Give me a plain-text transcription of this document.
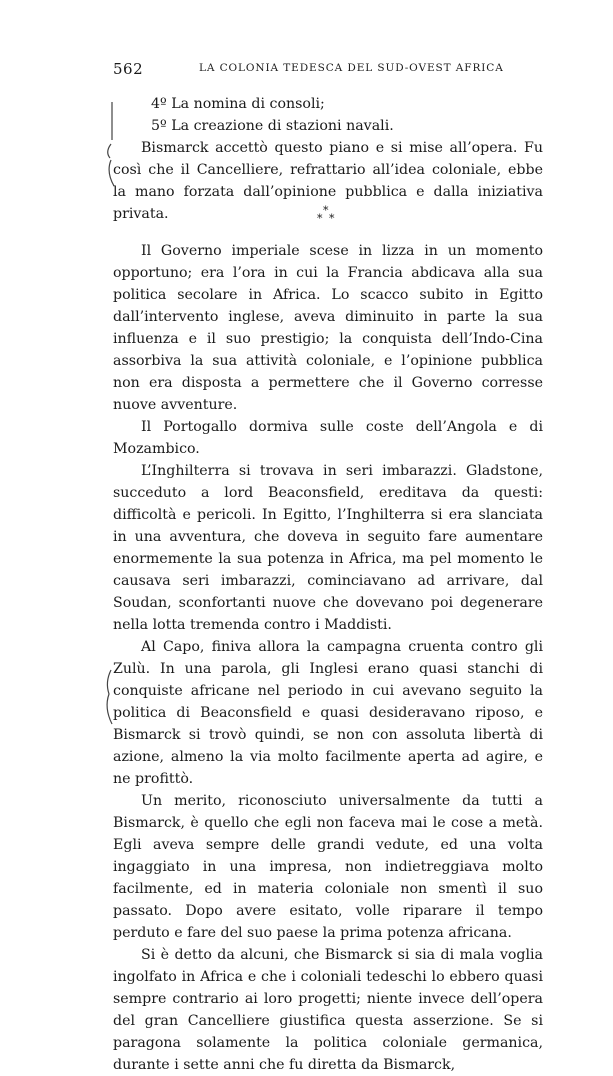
562	LA COLONIA TEDESCA DEL SUD-OVEST AFRICA

4º La nomina di consoli;

5º La creazione di stazioni navali.

Bismarck accettò questo piano e si mise all’opera. Fu così che il Cancelliere, refrattario all’idea coloniale, ebbe la mano forzata dall’opinione pubblica e dalla iniziativa privata.	*
* *

Il Governo imperiale scese in lizza in un momento opportuno; era l’ora in cui la Francia abdicava alla sua politica secolare in Africa. Lo scacco subito in Egitto dall’intervento inglese, aveva diminuito in parte la sua influenza e il suo prestigio; la conquista dell’Indo-Cina assorbiva la sua attività coloniale, e l’opinione pubblica non era disposta a permettere che il Governo corresse nuove avventure.

Il Portogallo dormiva sulle coste dell’Angola e di Mozambico.

L’Inghilterra si trovava in seri imbarazzi. Gladstone, succeduto a lord Beaconsfield, ereditava da questi: difficoltà e pericoli. In Egitto, l’Inghilterra si era slanciata in una avventura, che doveva in seguito fare aumentare enormemente la sua potenza in Africa, ma pel momento le causava seri imbarazzi, cominciavano ad arrivare, dal Soudan, sconfortanti nuove che dovevano poi degenerare nella lotta tremenda contro i Maddisti.

Al Capo, finiva allora la campagna cruenta contro gli Zulù. In una parola, gli Inglesi erano quasi stanchi di conquiste africane nel periodo in cui avevano seguito la politica di Beaconsfield e quasi desideravano riposo, e Bismarck si trovò quindi, se non con assoluta libertà di azione, almeno la via molto facilmente aperta ad agire, e ne profittò.

Un merito, riconosciuto universalmente da tutti a Bismarck, è quello che egli non faceva mai le cose a metà. Egli aveva sempre delle grandi vedute, ed una volta ingaggiato in una impresa, non indietreggiava molto facilmente, ed in materia coloniale non smentì il suo passato. Dopo avere esitato, volle riparare il tempo perduto e fare del suo paese la prima potenza africana.

Si è detto da alcuni, che Bismarck si sia di mala voglia ingolfato in Africa e che i coloniali tedeschi lo ebbero quasi sempre contrario ai loro progetti; niente invece dell’opera del gran Cancelliere giustifica questa asserzione. Se si paragona solamente la politica coloniale germanica, durante i sette anni che fu diretta da Bismarck,
